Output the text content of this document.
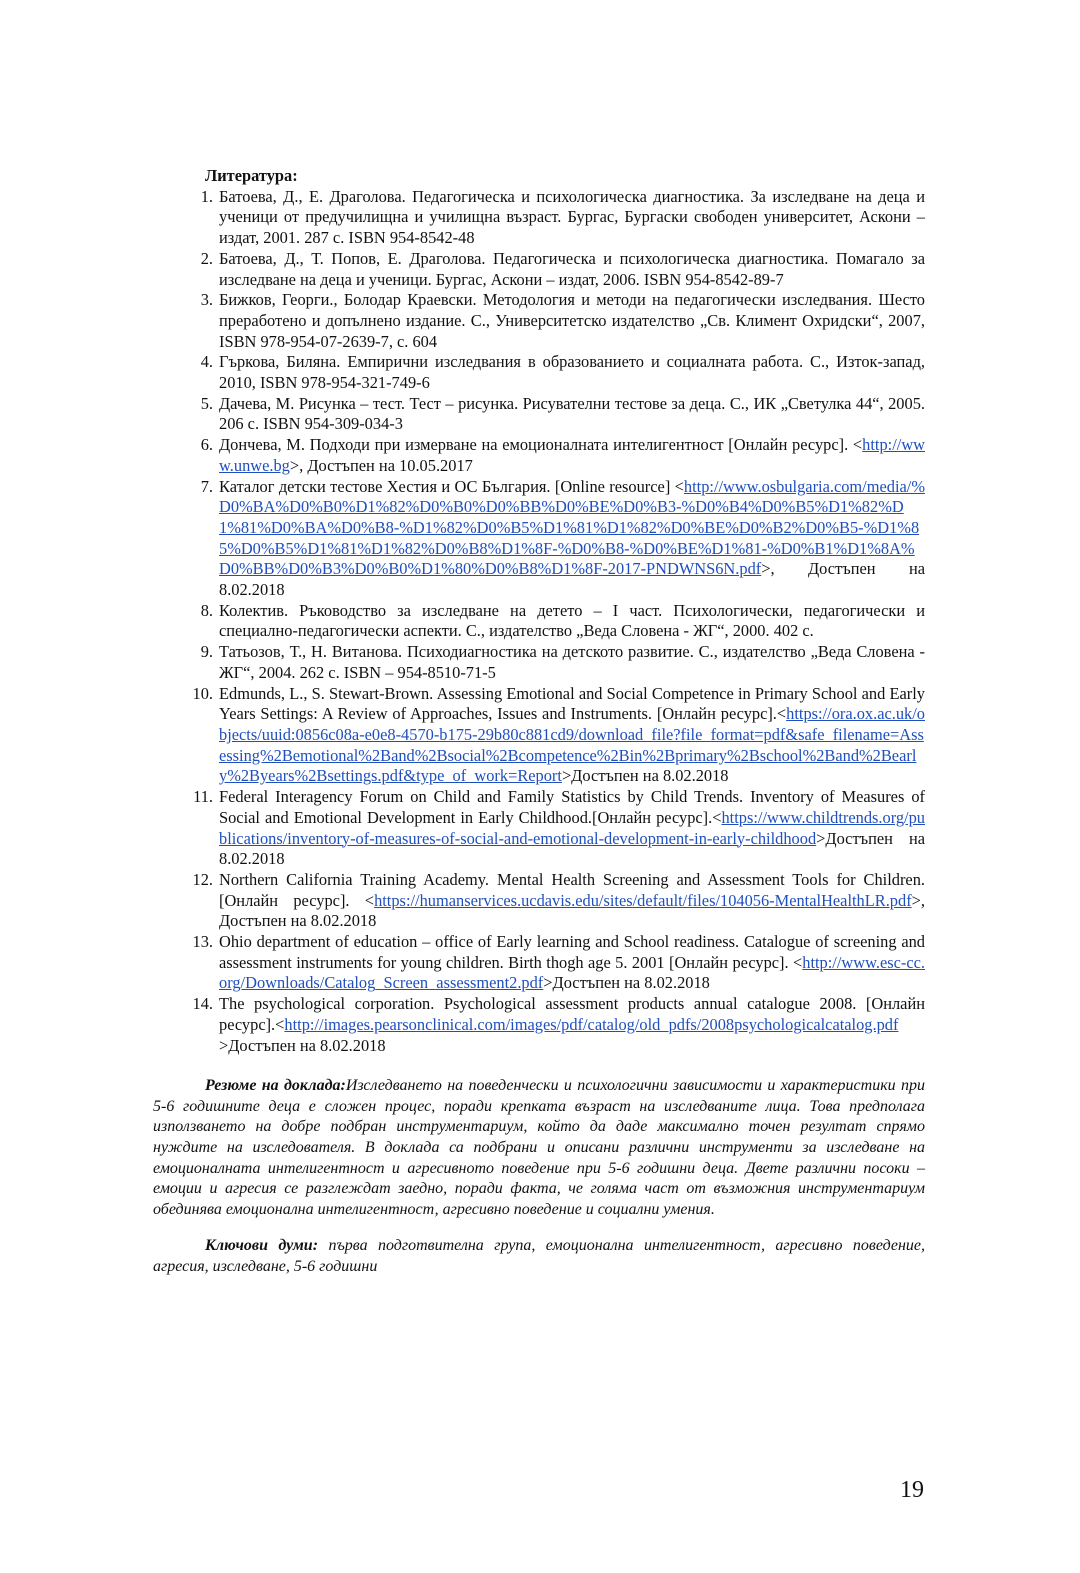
Литература:
1. Батоева, Д., Е. Драголова. Педагогическа и психологическа диагностика. За изследване на деца и ученици от предучилищна и училищна възраст. Бургас, Бургаски свободен университет, Аскони – издат, 2001. 287 с. ISBN 954-8542-48
2. Батоева, Д., Т. Попов, Е. Драголова. Педагогическа и психологическа диагностика. Помагало за изследване на деца и ученици. Бургас, Аскони – издат, 2006. ISBN 954-8542-89-7
3. Бижков, Георги., Болодар Краевски. Методология и методи на педагогически изследвания. Шесто преработено и допълнено издание. С., Университетско издателство „Св. Климент Охридски“, 2007, ISBN 978-954-07-2639-7, с. 604
4. Гъркова, Биляна. Емпирични изследвания в образованието и социалната работа. С., Изток-запад, 2010, ISBN 978-954-321-749-6
5. Дачева, М. Рисунка – тест. Тест – рисунка. Рисувателни тестове за деца. С., ИК „Светулка 44“, 2005. 206 с. ISBN 954-309-034-3
6. Дончева, М. Подходи при измерване на емоционалната интелигентност [Онлайн ресурс]. <http://www.unwe.bg>, Достъпен на 10.05.2017
7. Каталог детски тестове Хестия и ОС България. [Online resource] <http://www.osbulgaria.com/media/%D0%BA%D0%B0%D1%82%D0%B0%D0%BB%D0%BE%D0%B3-%D0%B4%D0%B5%D1%82%D1%81%D0%BA%D0%B8-%D1%82%D0%B5%D1%81%D1%82%D0%BE%D0%B2%D0%B5-%D1%85%D0%B5%D1%81%D1%82%D0%B8%D1%8F-%D0%B8-%D0%BE%D1%81-%D0%B1%D1%8A%D0%BB%D0%B3%D0%B0%D1%80%D0%B8%D1%8F-2017-PNDWNS6N.pdf>, Достъпен на 8.02.2018
8. Колектив. Ръководство за изследване на детето – I част. Психологически, педагогически и специално-педагогически аспекти. С., издателство „Веда Словена - ЖГ“, 2000. 402 с.
9. Татьозов, Т., Н. Витанова. Психодиагностика на детското развитие. С., издателство „Веда Словена - ЖГ“, 2004. 262 с. ISBN – 954-8510-71-5
10. Edmunds, L., S. Stewart-Brown. Assessing Emotional and Social Competence in Primary School and Early Years Settings: A Review of Approaches, Issues and Instruments. [Онлайн ресурс].<https://ora.ox.ac.uk/objects/uuid:0856c08a-e0e8-4570-b175-29b80c881cd9/download_file?file_format=pdf&safe_filename=Assessing%2Bemotional%2Band%2Bsocial%2Bcompetence%2Bin%2Bprimary%2Bschool%2Band%2Bearly%2Byears%2Bsettings.pdf&type_of_work=Report>Достъпен на 8.02.2018
11. Federal Interagency Forum on Child and Family Statistics by Child Trends. Inventory of Measures of Social and Emotional Development in Early Childhood.[Онлайн ресурс].<https://www.childtrends.org/publications/inventory-of-measures-of-social-and-emotional-development-in-early-childhood>Достъпен на 8.02.2018
12. Northern California Training Academy. Mental Health Screening and Assessment Tools for Children. [Онлайн ресурс]. <https://humanservices.ucdavis.edu/sites/default/files/104056-MentalHealthLR.pdf>, Достъпен на 8.02.2018
13. Ohio department of education – office of Early learning and School readiness. Catalogue of screening and assessment instruments for young children. Birth thogh age 5. 2001 [Онлайн ресурс]. <http://www.esc-cc.org/Downloads/Catalog_Screen_assessment2.pdf>Достъпен на 8.02.2018
14. The psychological corporation. Psychological assessment products annual catalogue 2008. [Онлайн ресурс].<http://images.pearsonclinical.com/images/pdf/catalog/old_pdfs/2008psychologicalcatalog.pdf>Достъпен на 8.02.2018

Резюме на доклада:Изследването на поведенчески и психологични зависимости и характеристики при 5-6 годишните деца е сложен процес, поради крепката възраст на изследваните лица. Това предполага използването на добре подбран инструментариум, който да даде максимално точен резултат спрямо нуждите на изследователя. В доклада са подбрани и описани различни инструменти за изследване на емоционалната интелигентност и агресивното поведение при 5-6 годишни деца. Двете различни посоки – емоции и агресия се разглеждат заедно, поради факта, че голяма част от възможния инструментариум обединява емоционална интелигентност, агресивно поведение и социални умения.

Ключови думи: първа подготвителна група, емоционална интелигентност, агресивно поведение, агресия, изследване, 5-6 годишни

19
